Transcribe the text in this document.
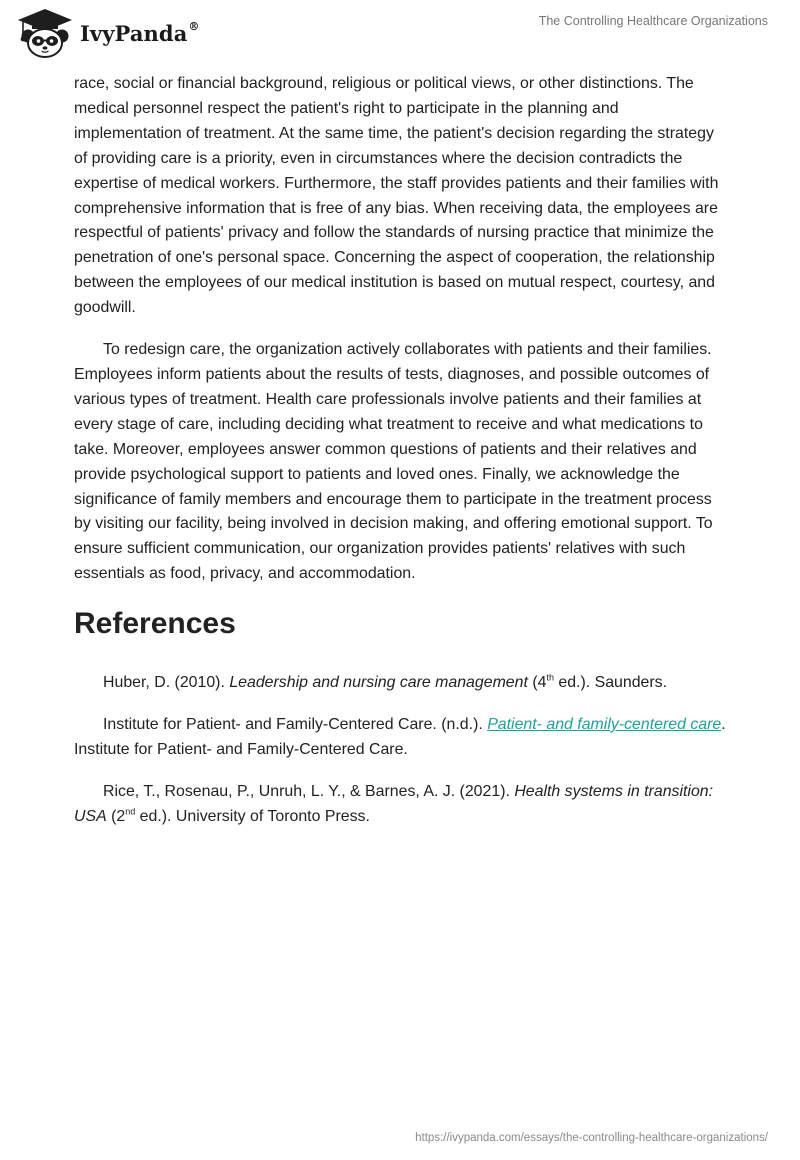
IvyPanda®	The Controlling Healthcare Organizations

race, social or financial background, religious or political views, or other distinctions. The medical personnel respect the patient's right to participate in the planning and implementation of treatment. At the same time, the patient's decision regarding the strategy of providing care is a priority, even in circumstances where the decision contradicts the expertise of medical workers. Furthermore, the staff provides patients and their families with comprehensive information that is free of any bias. When receiving data, the employees are respectful of patients' privacy and follow the standards of nursing practice that minimize the penetration of one's personal space. Concerning the aspect of cooperation, the relationship between the employees of our medical institution is based on mutual respect, courtesy, and goodwill.

To redesign care, the organization actively collaborates with patients and their families. Employees inform patients about the results of tests, diagnoses, and possible outcomes of various types of treatment. Health care professionals involve patients and their families at every stage of care, including deciding what treatment to receive and what medications to take. Moreover, employees answer common questions of patients and their relatives and provide psychological support to patients and loved ones. Finally, we acknowledge the significance of family members and encourage them to participate in the treatment process by visiting our facility, being involved in decision making, and offering emotional support. To ensure sufficient communication, our organization provides patients' relatives with such essentials as food, privacy, and accommodation.

References

Huber, D. (2010). Leadership and nursing care management (4th ed.). Saunders.

Institute for Patient- and Family-Centered Care. (n.d.). Patient- and family-centered care. Institute for Patient- and Family-Centered Care.

Rice, T., Rosenau, P., Unruh, L. Y., & Barnes, A. J. (2021). Health systems in transition: USA (2nd ed.). University of Toronto Press.

https://ivypanda.com/essays/the-controlling-healthcare-organizations/
